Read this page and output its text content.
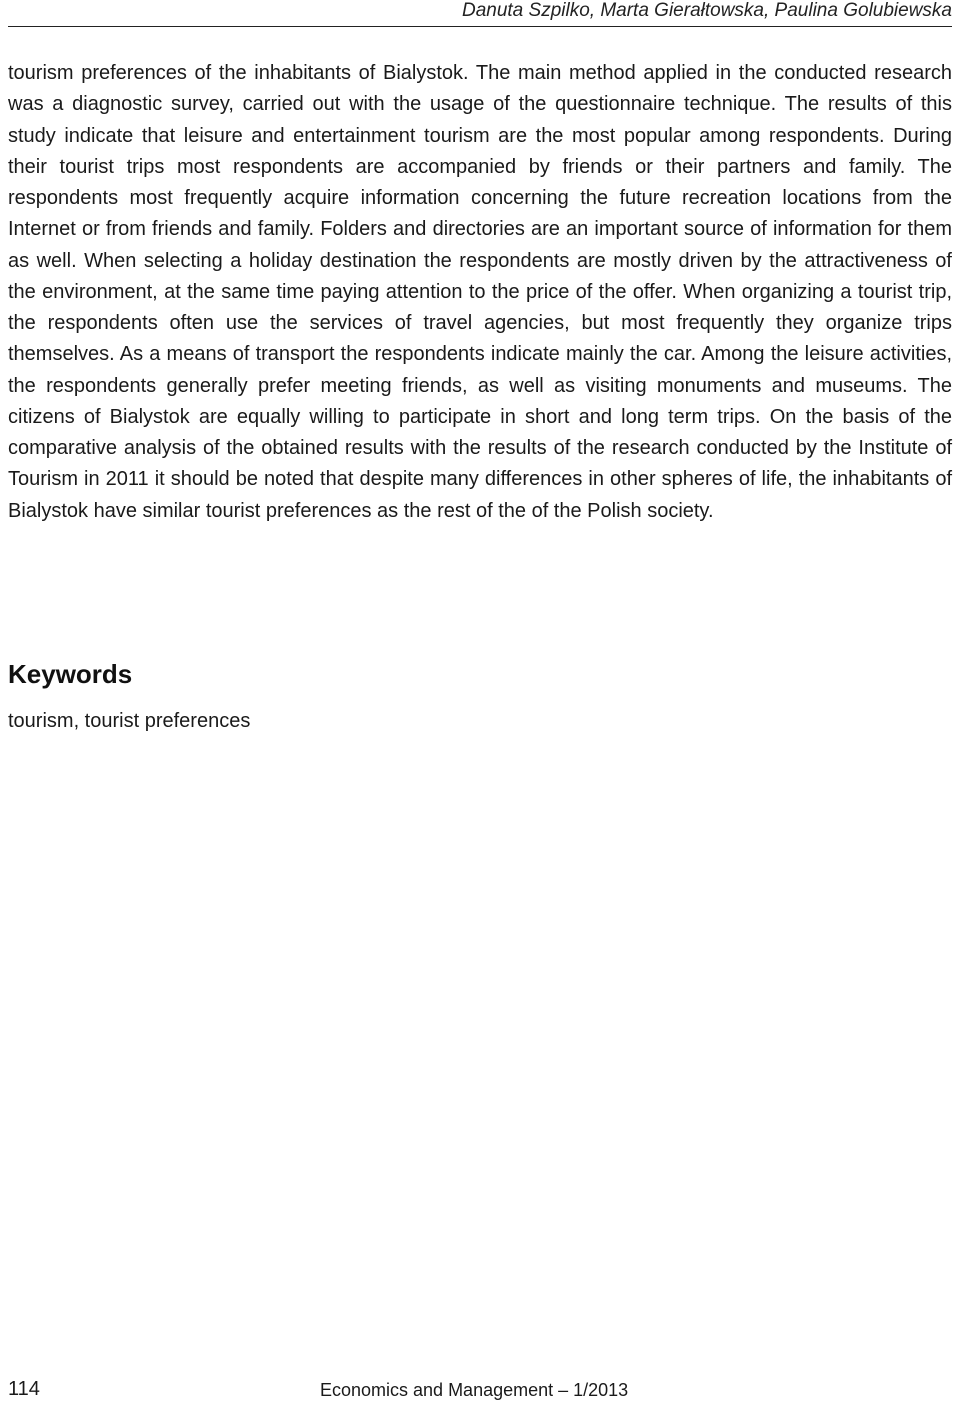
Danuta Szpilko, Marta Gierałtowska, Paulina Golubiewska

tourism preferences of the inhabitants of Bialystok. The main method applied in the conducted research was a diagnostic survey, carried out with the usage of the questionnaire technique. The results of this study indicate that leisure and entertainment tourism are the most popular among respondents. During their tourist trips most respondents are accompanied by friends or their partners and family. The respondents most frequently acquire information concerning the future recreation locations from the Internet or from friends and family. Folders and directories are an important source of information for them as well. When selecting a holiday destination the respondents are mostly driven by the attractiveness of the environment, at the same time paying attention to the price of the offer. When organizing a tourist trip, the respondents often use the services of travel agencies, but most frequently they organize trips themselves. As a means of transport the respondents indicate mainly the car. Among the leisure activities, the respondents generally prefer meeting friends, as well as visiting monuments and museums. The citizens of Bialystok are equally willing to participate in short and long term trips. On the basis of the comparative analysis of the obtained results with the results of the research conducted by the Institute of Tourism in 2011 it should be noted that despite many differences in other spheres of life, the inhabitants of Bialystok have similar tourist preferences as the rest of the of the Polish society.

Keywords

tourism, tourist preferences

114	Economics and Management – 1/2013
